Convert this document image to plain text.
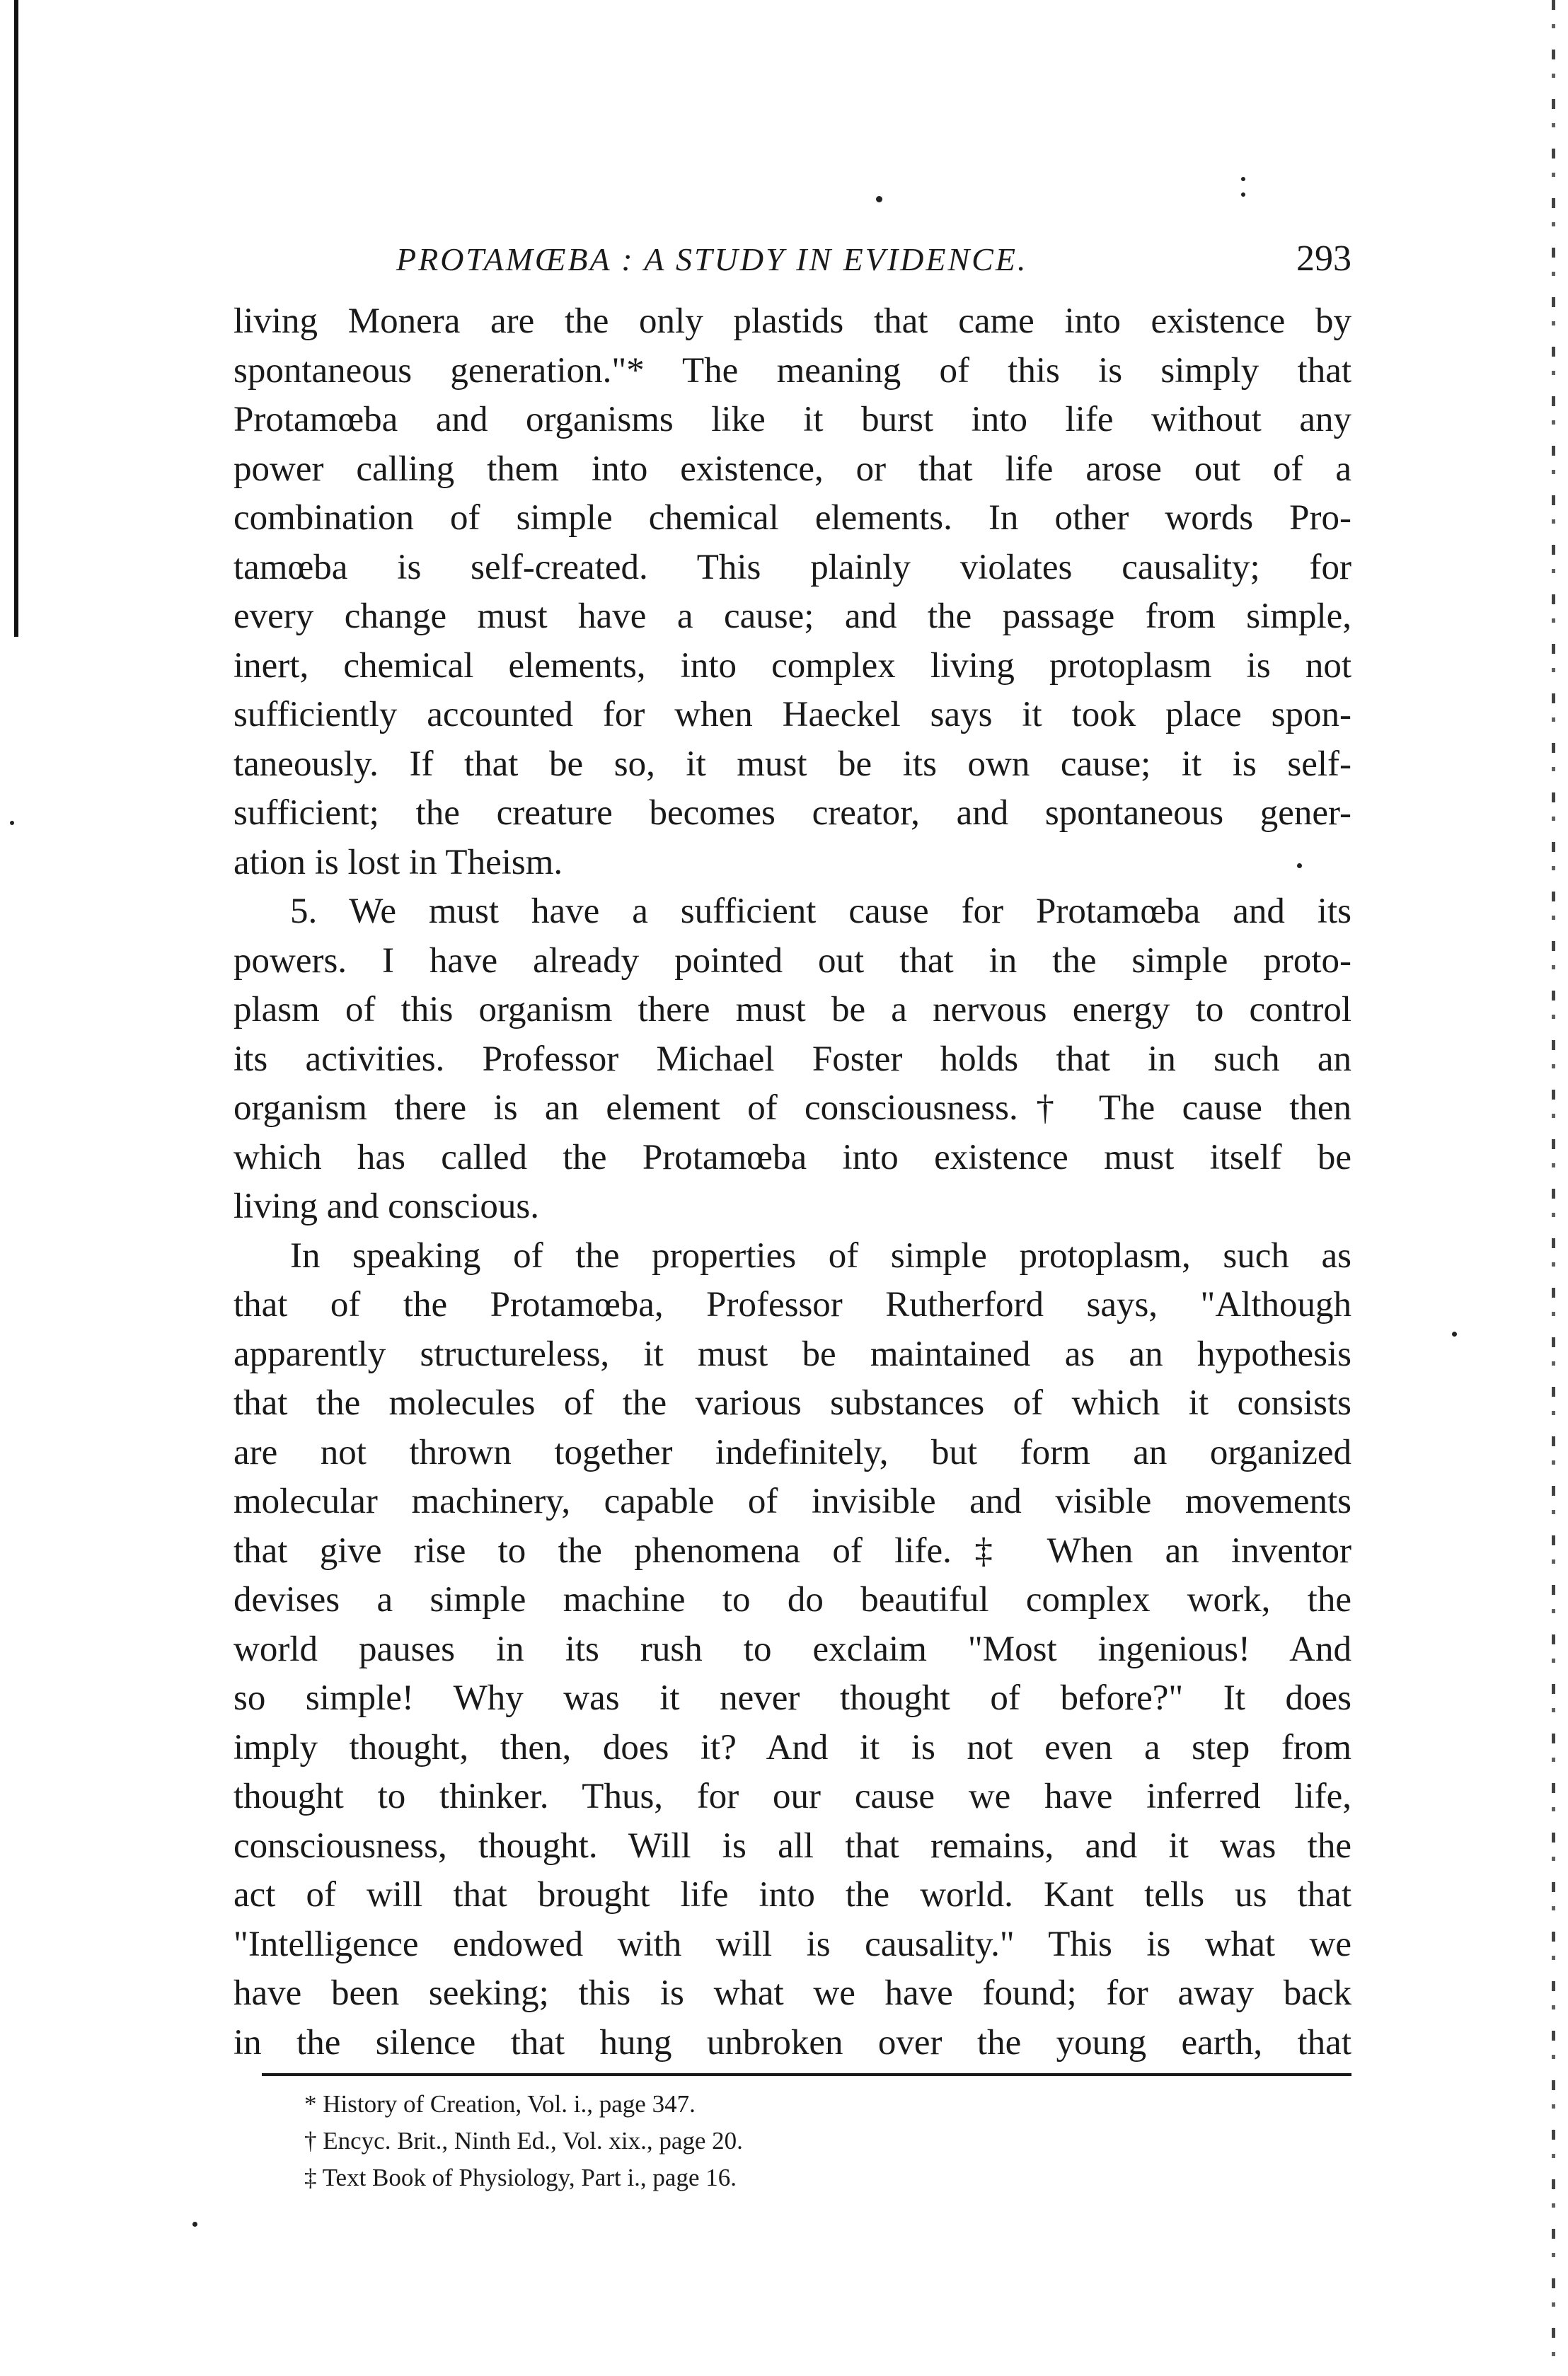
PROTAMŒBA : A STUDY IN EVIDENCE.	293
living Monera are the only plastids that came into existence by
spontaneous generation."* The meaning of this is simply that
Protamœba and organisms like it burst into life without any
power calling them into existence, or that life arose out of a
combination of simple chemical elements. In other words Pro-
tamœba is self-created. This plainly violates causality; for
every change must have a cause; and the passage from simple,
inert, chemical elements, into complex living protoplasm is not
sufficiently accounted for when Haeckel says it took place spon-
taneously. If that be so, it must be its own cause; it is self-
sufficient; the creature becomes creator, and spontaneous gener-
ation is lost in Theism.
5. We must have a sufficient cause for Protamœba and its
powers. I have already pointed out that in the simple proto-
plasm of this organism there must be a nervous energy to control
its activities. Professor Michael Foster holds that in such an
organism there is an element of consciousness.† The cause then
which has called the Protamœba into existence must itself be
living and conscious.
In speaking of the properties of simple protoplasm, such as
that of the Protamœba, Professor Rutherford says, "Although
apparently structureless, it must be maintained as an hypothesis
that the molecules of the various substances of which it consists
are not thrown together indefinitely, but form an organized
molecular machinery, capable of invisible and visible movements
that give rise to the phenomena of life.‡ When an inventor
devises a simple machine to do beautiful complex work, the
world pauses in its rush to exclaim "Most ingenious! And
so simple! Why was it never thought of before?" It does
imply thought, then, does it? And it is not even a step from
thought to thinker. Thus, for our cause we have inferred life,
consciousness, thought. Will is all that remains, and it was the
act of will that brought life into the world. Kant tells us that
"Intelligence endowed with will is causality." This is what we
have been seeking; this is what we have found; for away back
in the silence that hung unbroken over the young earth, that
* History of Creation, Vol. i., page 347.
† Encyc. Brit., Ninth Ed., Vol. xix., page 20.
‡ Text Book of Physiology, Part i., page 16.
